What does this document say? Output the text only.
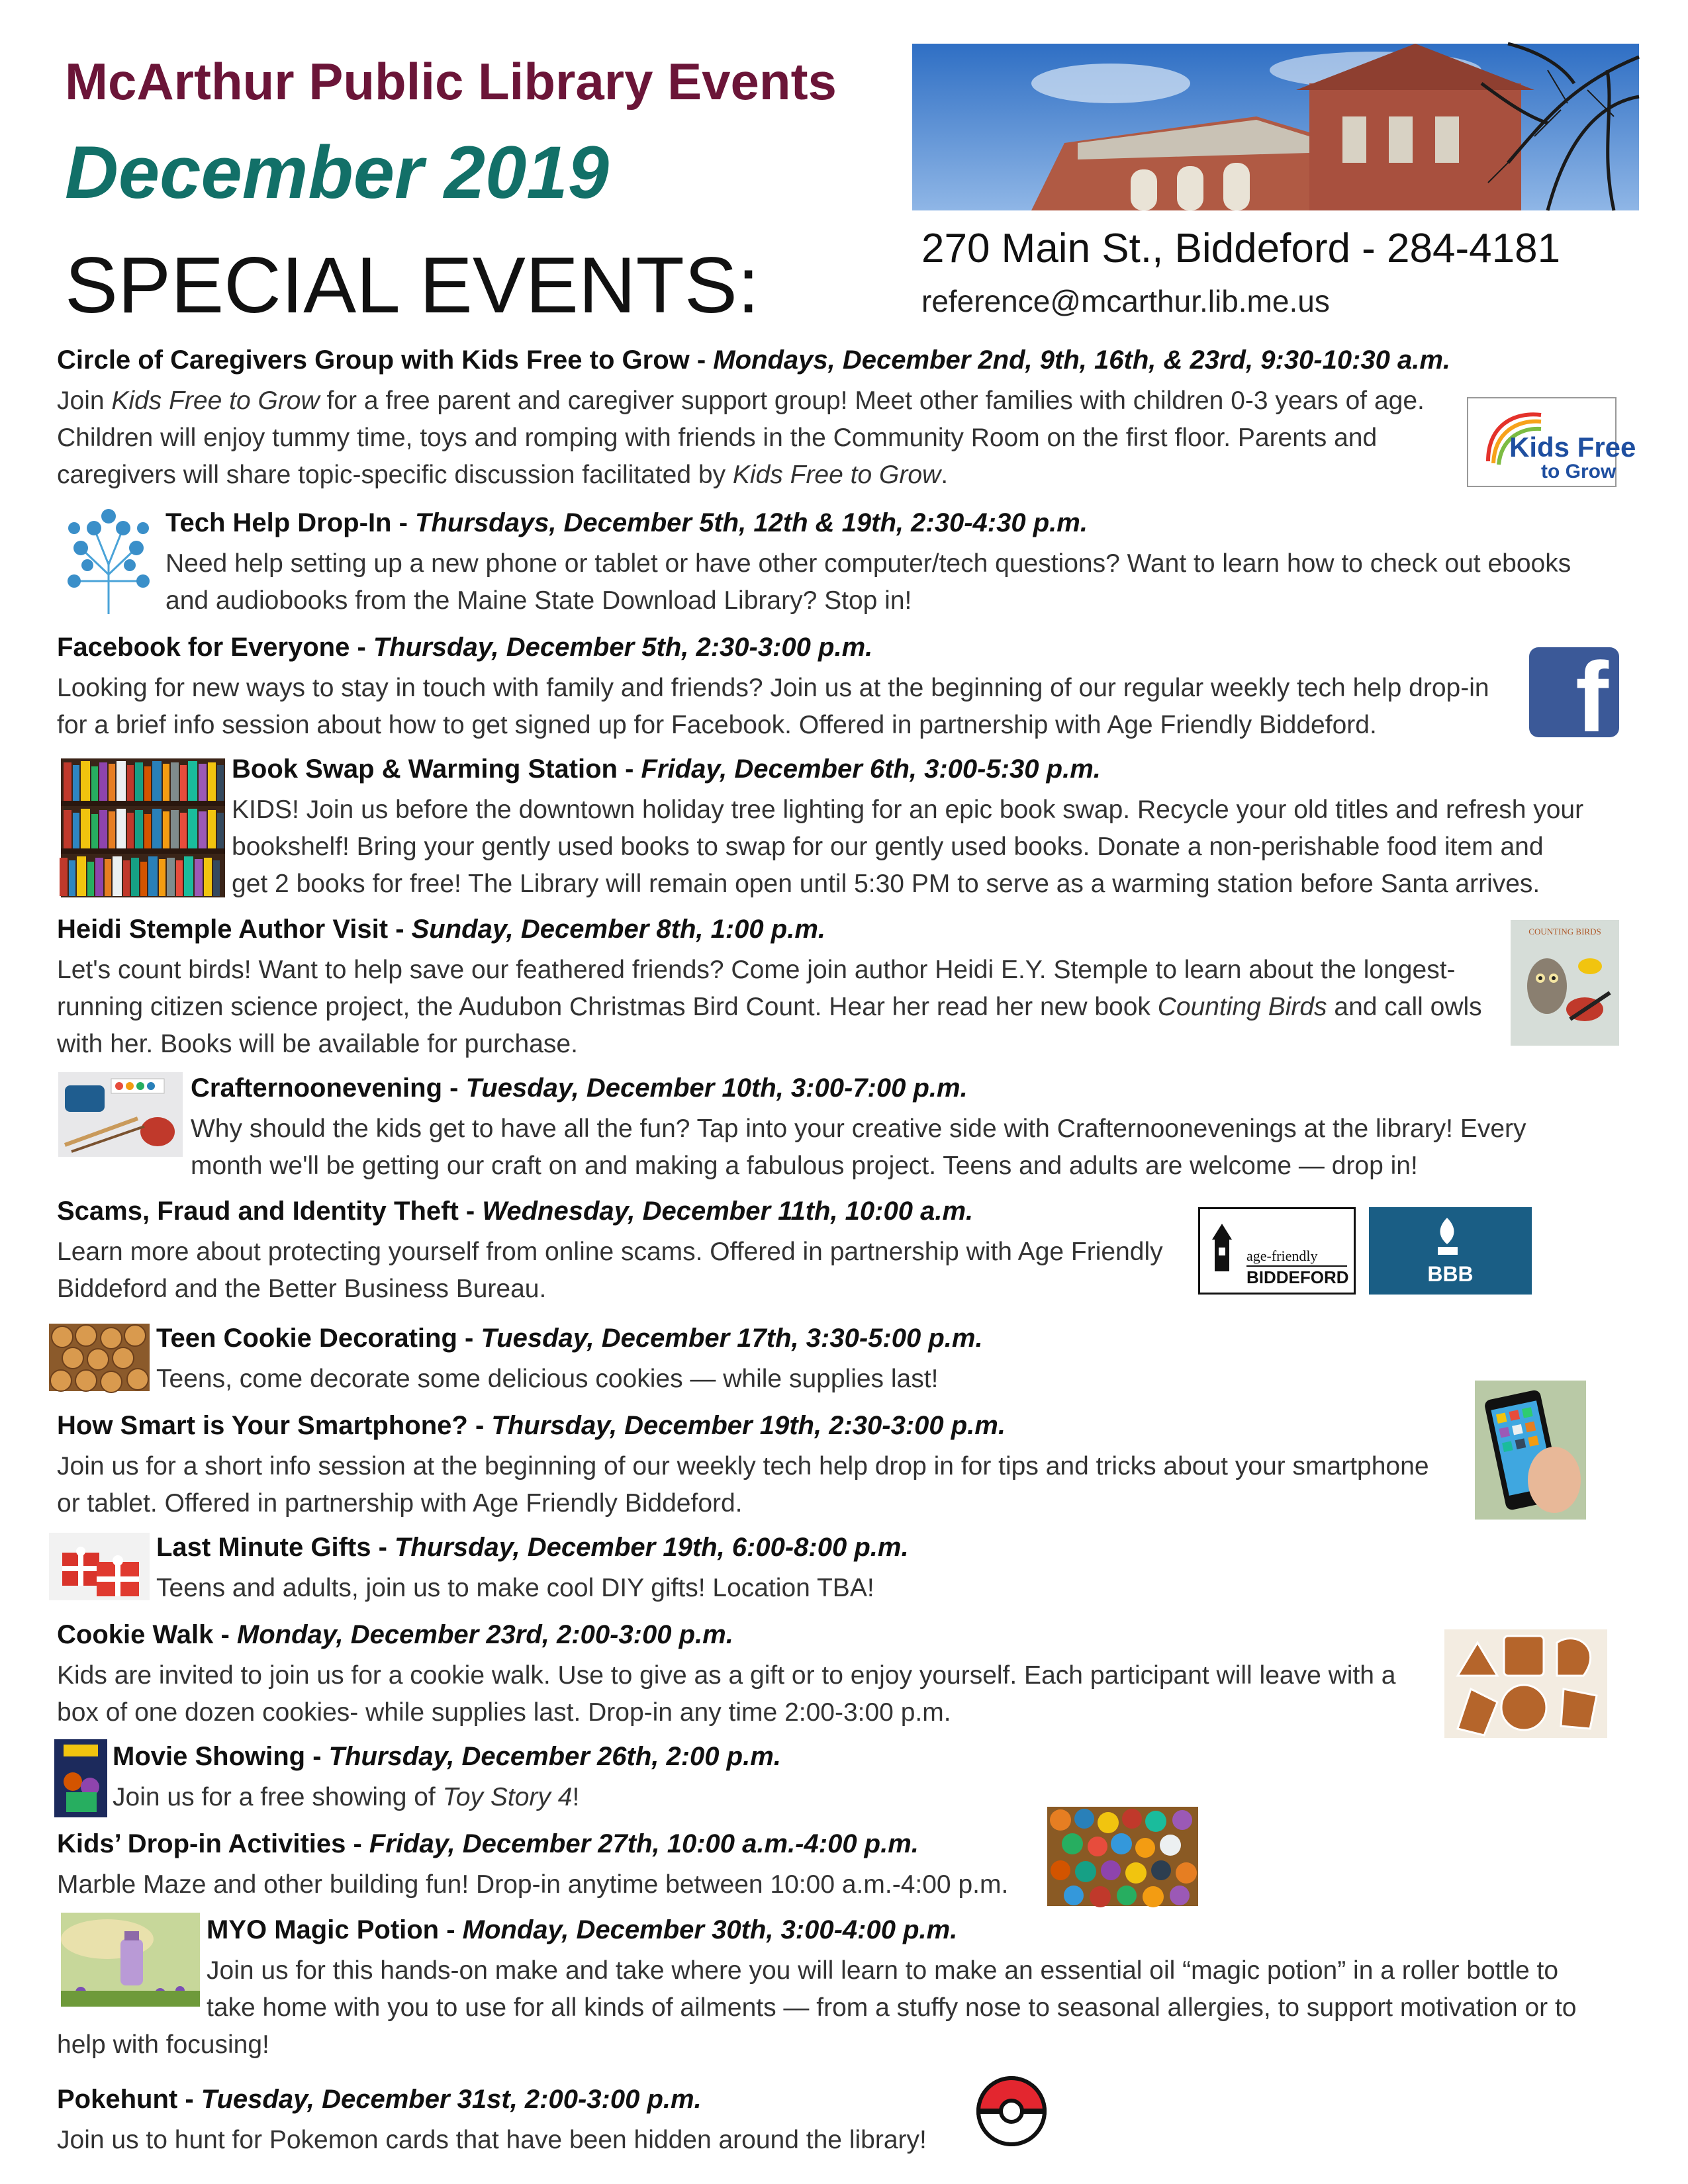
McArthur Public Library Events
December 2019
SPECIAL EVENTS:	270 Main St., Biddeford - 284-4181
reference@mcarthur.lib.me.us
Circle of Caregivers Group with Kids Free to Grow - Mondays, December 2nd, 9th, 16th, & 23rd, 9:30-10:30 a.m.
Join Kids Free to Grow for a free parent and caregiver support group! Meet other families with children 0-3 years of age.
Children will enjoy tummy time, toys and romping with friends in the Community Room on the first floor. Parents and
caregivers will share topic-specific discussion facilitated by Kids Free to Grow.
Kids Free
to Grow
Tech Help Drop-In - Thursdays, December 5th, 12th & 19th, 2:30-4:30 p.m.
Need help setting up a new phone or tablet or have other computer/tech questions? Want to learn how to check out ebooks
and audiobooks from the Maine State Download Library? Stop in!
Facebook for Everyone - Thursday, December 5th, 2:30-3:00 p.m.
Looking for new ways to stay in touch with family and friends? Join us at the beginning of our regular weekly tech help drop-in
for a brief info session about how to get signed up for Facebook. Offered in partnership with Age Friendly Biddeford.	f
Book Swap & Warming Station - Friday, December 6th, 3:00-5:30 p.m.
KIDS! Join us before the downtown holiday tree lighting for an epic book swap. Recycle your old titles and refresh your
bookshelf! Bring your gently used books to swap for our gently used books. Donate a non-perishable food item and
get 2 books for free! The Library will remain open until 5:30 PM to serve as a warming station before Santa arrives.
Heidi Stemple Author Visit - Sunday, December 8th, 1:00 p.m.
Let's count birds! Want to help save our feathered friends? Come join author Heidi E.Y. Stemple to learn about the longest-
running citizen science project, the Audubon Christmas Bird Count. Hear her read her new book Counting Birds and call owls
with her. Books will be available for purchase.
COUNTING BIRDS
Crafternoonevening - Tuesday, December 10th, 3:00-7:00 p.m.
Why should the kids get to have all the fun? Tap into your creative side with Crafternoonevenings at the library! Every
month we'll be getting our craft on and making a fabulous project. Teens and adults are welcome — drop in!
Scams, Fraud and Identity Theft - Wednesday, December 11th, 10:00 a.m.
Learn more about protecting yourself from online scams. Offered in partnership with Age Friendly
Biddeford and the Better Business Bureau.
age-friendly
BIDDEFORD	BBB
Teen Cookie Decorating - Tuesday, December 17th, 3:30-5:00 p.m.
Teens, come decorate some delicious cookies — while supplies last!
How Smart is Your Smartphone? - Thursday, December 19th, 2:30-3:00 p.m.
Join us for a short info session at the beginning of our weekly tech help drop in for tips and tricks about your smartphone
or tablet. Offered in partnership with Age Friendly Biddeford.
Last Minute Gifts - Thursday, December 19th, 6:00-8:00 p.m.
Teens and adults, join us to make cool DIY gifts! Location TBA!
Cookie Walk - Monday, December 23rd, 2:00-3:00 p.m.
Kids are invited to join us for a cookie walk. Use to give as a gift or to enjoy yourself. Each participant will leave with a
box of one dozen cookies- while supplies last. Drop-in any time 2:00-3:00 p.m.
Movie Showing - Thursday, December 26th, 2:00 p.m.
Join us for a free showing of Toy Story 4!
Kids’ Drop-in Activities - Friday, December 27th, 10:00 a.m.-4:00 p.m.
Marble Maze and other building fun! Drop-in anytime between 10:00 a.m.-4:00 p.m.
MYO Magic Potion - Monday, December 30th, 3:00-4:00 p.m.
Join us for this hands-on make and take where you will learn to make an essential oil “magic potion” in a roller bottle to
take home with you to use for all kinds of ailments — from a stuffy nose to seasonal allergies, to support motivation or to
help with focusing!
Pokehunt - Tuesday, December 31st, 2:00-3:00 p.m.
Join us to hunt for Pokemon cards that have been hidden around the library!
